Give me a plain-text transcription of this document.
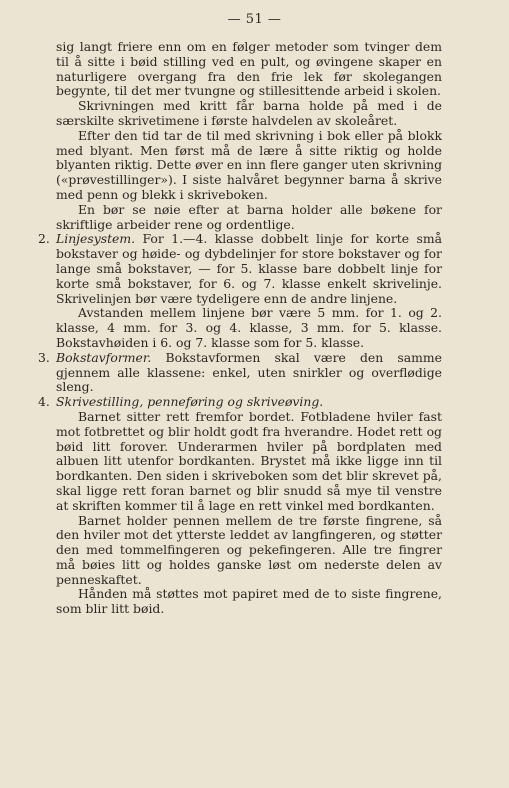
— 51 —

sig langt friere enn om en følger metoder som tvinger dem til å sitte i bøid stilling ved en pult, og øvingene skaper en naturligere overgang fra den frie lek før skolegangen begynte, til det mer tvungne og stillesittende arbeid i skolen.

Skrivningen med kritt får barna holde på med i de særskilte skrivetimene i første halvdelen av skoleåret.

Efter den tid tar de til med skrivning i bok eller på blokk med blyant. Men først må de lære å sitte riktig og holde blyanten riktig. Dette øver en inn flere ganger uten skrivning («prøvestillinger»). I siste halvåret begynner barna å skrive med penn og blekk i skriveboken.

En bør se nøie efter at barna holder alle bøkene for skriftlige arbeider rene og ordentlige.

2. Linjesystem. For 1.—4. klasse dobbelt linje for korte små bokstaver og høide- og dybdelinjer for store bokstaver og for lange små bokstaver, — for 5. klasse bare dobbelt linje for korte små bokstaver, for 6. og 7. klasse enkelt skrivelinje. Skrivelinjen bør være tydeligere enn de andre linjene.

Avstanden mellem linjene bør være 5 mm. for 1. og 2. klasse, 4 mm. for 3. og 4. klasse, 3 mm. for 5. klasse. Bokstavhøiden i 6. og 7. klasse som for 5. klasse.

3. Bokstavformer. Bokstavformen skal være den samme gjennem alle klassene: enkel, uten snirkler og overflødige sleng.

4. Skrivestilling, penneføring og skriveøving.

Barnet sitter rett fremfor bordet. Fotbladene hviler fast mot fotbrettet og blir holdt godt fra hverandre. Hodet rett og bøid litt forover. Underarmen hviler på bordplaten med albuen litt utenfor bordkanten. Brystet må ikke ligge inn til bordkanten. Den siden i skriveboken som det blir skrevet på, skal ligge rett foran barnet og blir snudd så mye til venstre at skriften kommer til å lage en rett vinkel med bordkanten.

Barnet holder pennen mellem de tre første fingrene, så den hviler mot det ytterste leddet av langfingeren, og støtter den med tommelfingeren og pekefingeren. Alle tre fingrer må bøies litt og holdes ganske løst om nederste delen av penneskaftet.

Hånden må støttes mot papiret med de to siste fingrene, som blir litt bøid.
